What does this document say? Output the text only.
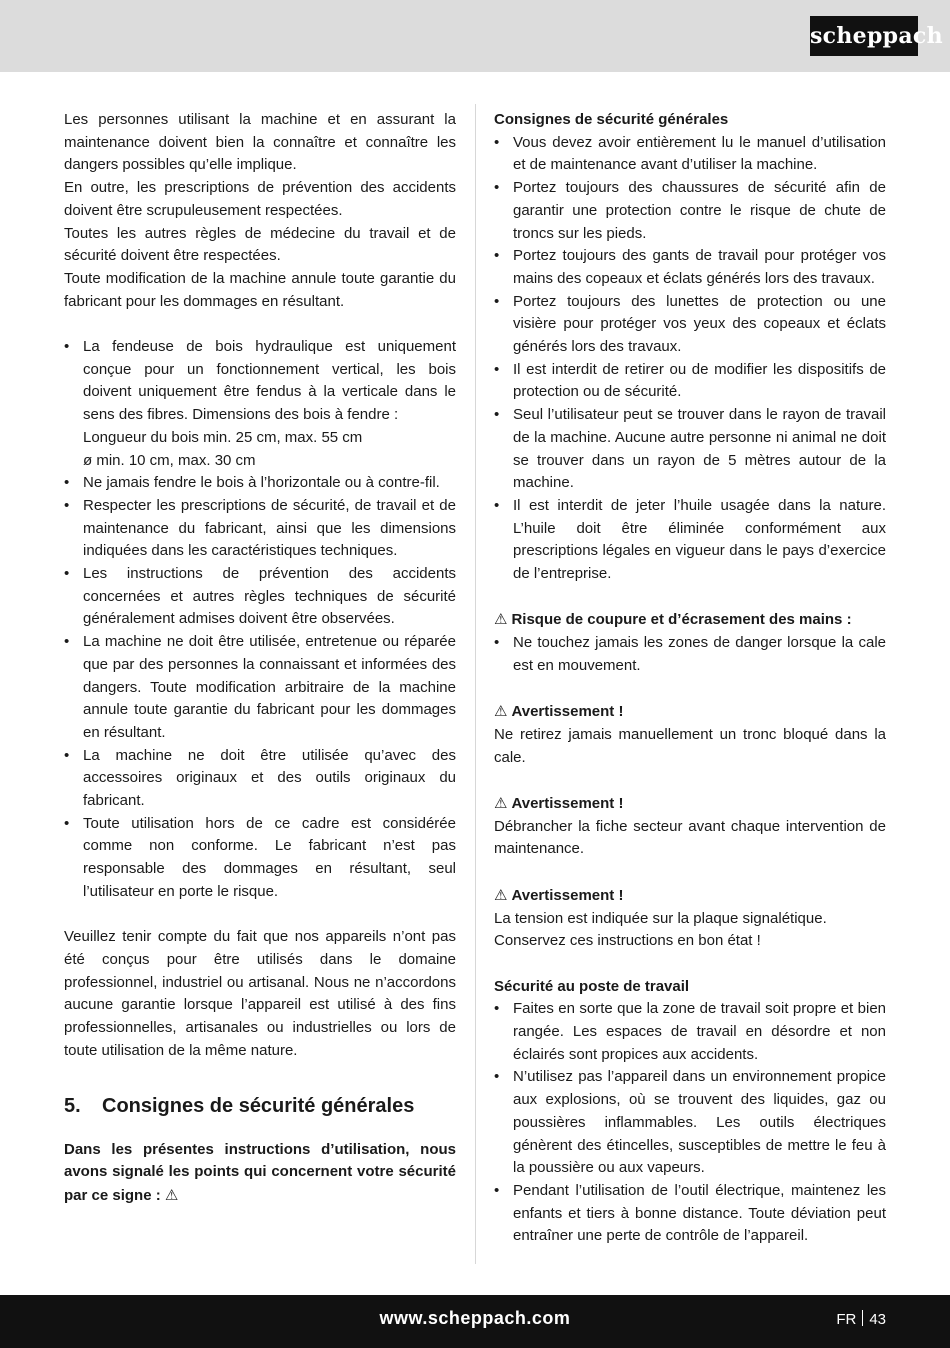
scheppach

Les personnes utilisant la machine et en assurant la maintenance doivent bien la connaître et connaître les dangers possibles qu’elle implique.

En outre, les prescriptions de prévention des accidents doivent être scrupuleusement respectées.

Toutes les autres règles de médecine du travail et de sécurité doivent être respectées.

Toute modification de la machine annule toute garantie du fabricant pour les dommages en résultant.

• La fendeuse de bois hydraulique est uniquement conçue pour un fonctionnement vertical, les bois doivent uniquement être fendus à la verticale dans le sens des fibres. Dimensions des bois à fendre :
Longueur du bois min. 25 cm, max. 55 cm
ø min. 10 cm, max. 30 cm
• Ne jamais fendre le bois à l’horizontale ou à contre-fil.
• Respecter les prescriptions de sécurité, de travail et de maintenance du fabricant, ainsi que les dimensions indiquées dans les caractéristiques techniques.
• Les instructions de prévention des accidents concernées et autres règles techniques de sécurité généralement admises doivent être observées.
• La machine ne doit être utilisée, entretenue ou réparée que par des personnes la connaissant et informées des dangers. Toute modification arbitraire de la machine annule toute garantie du fabricant pour les dommages en résultant.
• La machine ne doit être utilisée qu’avec des accessoires originaux et des outils originaux du fabricant.
• Toute utilisation hors de ce cadre est considérée comme non conforme. Le fabricant n’est pas responsable des dommages en résultant, seul l’utilisateur en porte le risque.

Veuillez tenir compte du fait que nos appareils n’ont pas été conçus pour être utilisés dans le domaine professionnel, industriel ou artisanal. Nous ne n’accordons aucune garantie lorsque l’appareil est utilisé à des fins professionnelles, artisanales ou industrielles ou lors de toute utilisation de la même nature.

5.	Consignes de sécurité générales

Dans les présentes instructions d’utilisation, nous avons signalé les points qui concernent votre sécurité par ce signe : ⚠

Consignes de sécurité générales

• Vous devez avoir entièrement lu le manuel d’utilisation et de maintenance avant d’utiliser la machine.
• Portez toujours des chaussures de sécurité afin de garantir une protection contre le risque de chute de troncs sur les pieds.
• Portez toujours des gants de travail pour protéger vos mains des copeaux et éclats générés lors des travaux.
• Portez toujours des lunettes de protection ou une visière pour protéger vos yeux des copeaux et éclats générés lors des travaux.
• Il est interdit de retirer ou de modifier les dispositifs de protection ou de sécurité.
• Seul l’utilisateur peut se trouver dans le rayon de travail de la machine. Aucune autre personne ni animal ne doit se trouver dans un rayon de 5 mètres autour de la machine.
• Il est interdit de jeter l’huile usagée dans la nature. L’huile doit être éliminée conformément aux prescriptions légales en vigueur dans le pays d’exercice de l’entreprise.

⚠ Risque de coupure et d’écrasement des mains :

• Ne touchez jamais les zones de danger lorsque la cale est en mouvement.

⚠ Avertissement !

Ne retirez jamais manuellement un tronc bloqué dans la cale.

⚠ Avertissement !

Débrancher la fiche secteur avant chaque intervention de maintenance.

⚠ Avertissement !

La tension est indiquée sur la plaque signalétique.

Conservez ces instructions en bon état !

Sécurité au poste de travail

• Faites en sorte que la zone de travail soit propre et bien rangée. Les espaces de travail en désordre et non éclairés sont propices aux accidents.
• N’utilisez pas l’appareil dans un environnement propice aux explosions, où se trouvent des liquides, gaz ou poussières inflammables. Les outils électriques génèrent des étincelles, susceptibles de mettre le feu à la poussière ou aux vapeurs.
• Pendant l’utilisation de l’outil électrique, maintenez les enfants et tiers à bonne distance. Toute déviation peut entraîner une perte de contrôle de l’appareil.
www.scheppach.com	FR 43
